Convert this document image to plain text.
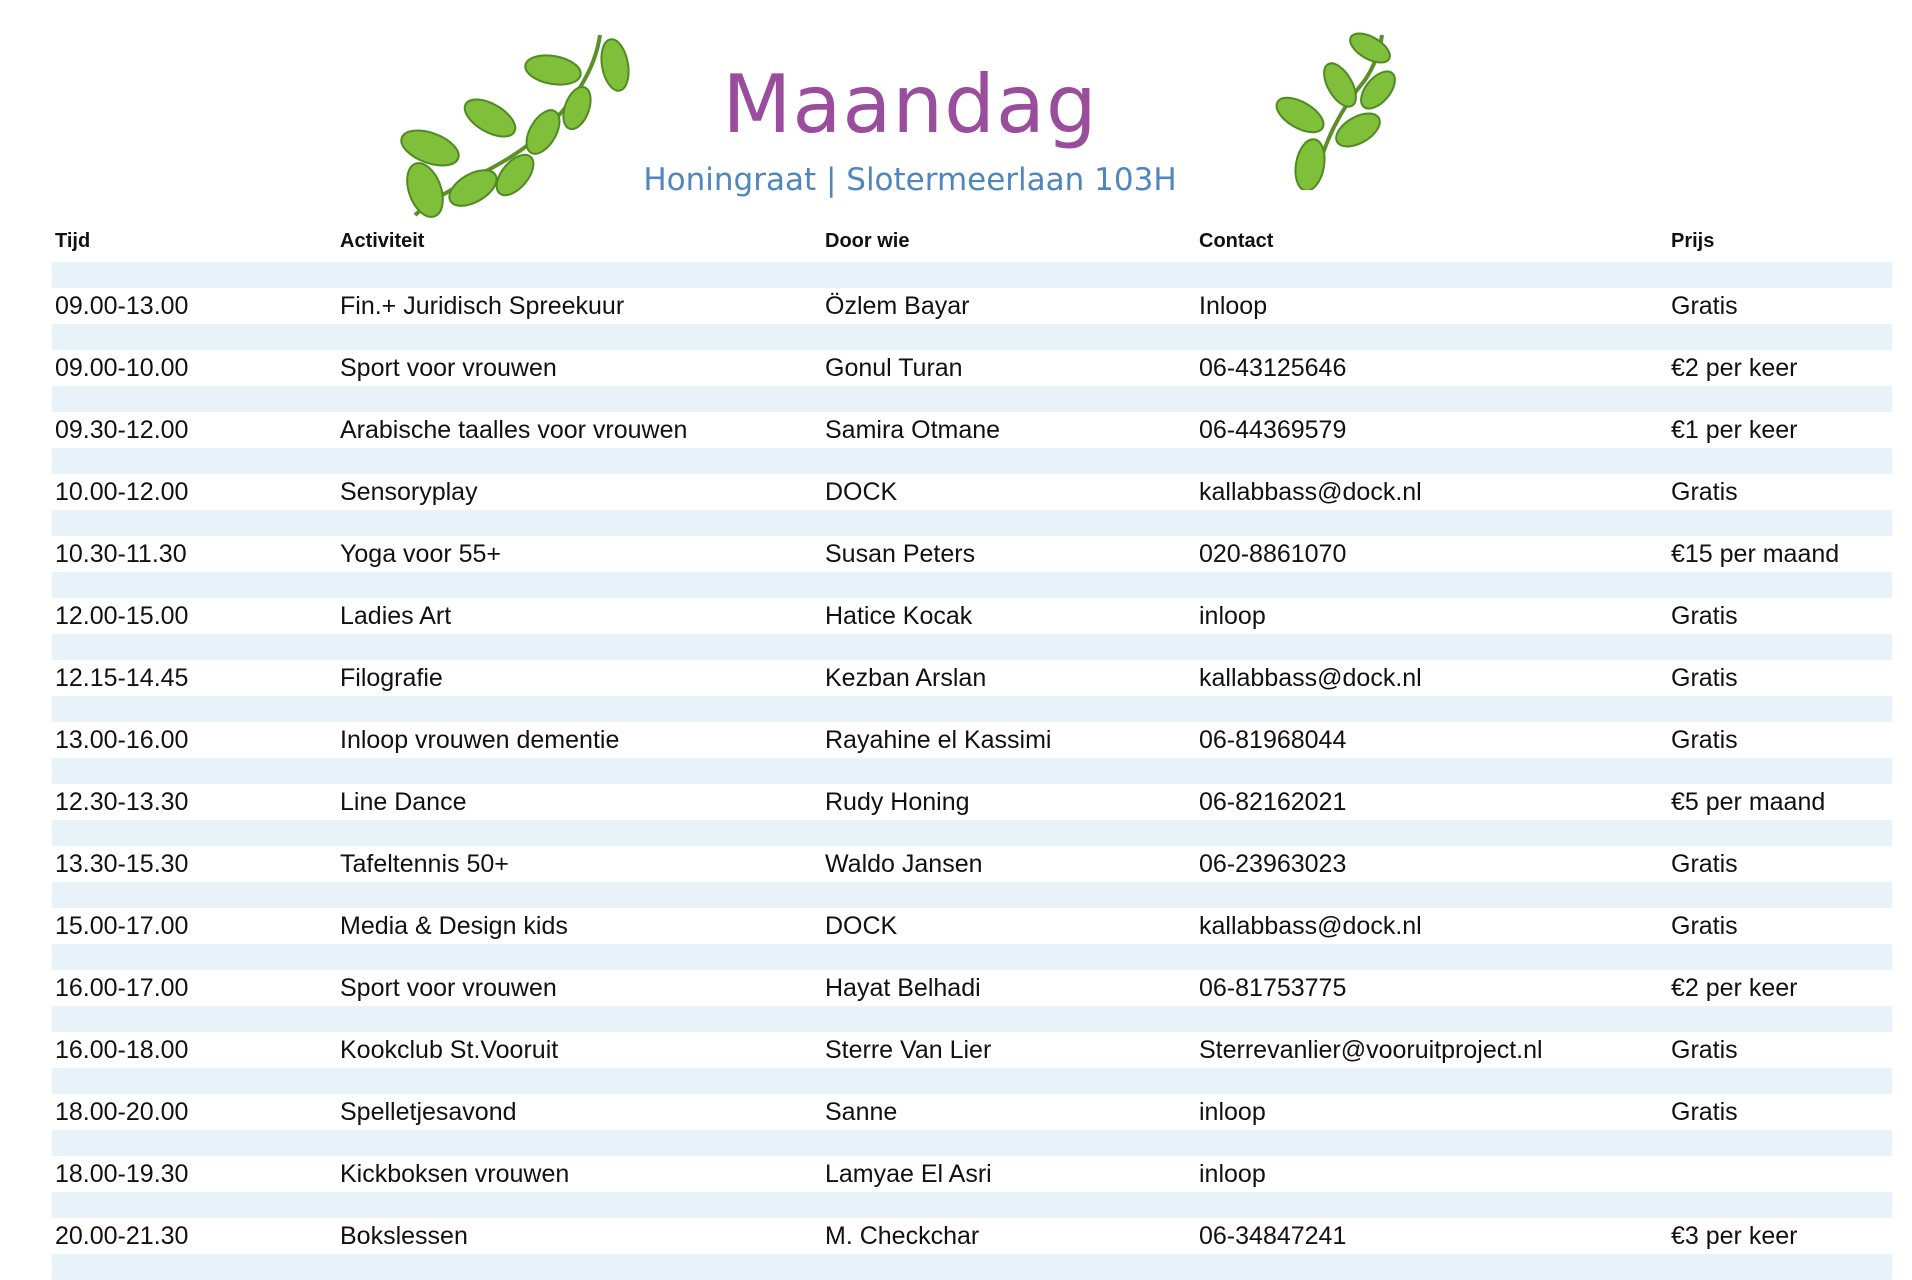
Maandag
Honingraat | Slotermeerlaan 103H
Tijd	Activiteit	Door wie	Contact	Prijs
09.00-13.00	Fin.+ Juridisch Spreekuur	Özlem Bayar	Inloop	Gratis
09.00-10.00	Sport voor vrouwen	Gonul Turan	06-43125646	€2 per keer
09.30-12.00	Arabische taalles voor vrouwen	Samira Otmane	06-44369579	€1 per keer
10.00-12.00	Sensoryplay	DOCK	kallabbass@dock.nl	Gratis
10.30-11.30	Yoga voor 55+	Susan Peters	020-8861070	€15 per maand
12.00-15.00	Ladies Art	Hatice Kocak	inloop	Gratis
12.15-14.45	Filografie	Kezban Arslan	kallabbass@dock.nl	Gratis
13.00-16.00	Inloop vrouwen dementie	Rayahine el Kassimi	06-81968044	Gratis
12.30-13.30	Line Dance	Rudy Honing	06-82162021	€5 per maand
13.30-15.30	Tafeltennis 50+	Waldo Jansen	06-23963023	Gratis
15.00-17.00	Media & Design kids	DOCK	kallabbass@dock.nl	Gratis
16.00-17.00	Sport voor vrouwen	Hayat Belhadi	06-81753775	€2 per keer
16.00-18.00	Kookclub St.Vooruit	Sterre Van Lier	Sterrevanlier@vooruitproject.nl	Gratis
18.00-20.00	Spelletjesavond	Sanne	inloop	Gratis
18.00-19.30	Kickboksen vrouwen	Lamyae El Asri	inloop
20.00-21.30	Bokslessen	M. Checkchar	06-34847241	€3 per keer
